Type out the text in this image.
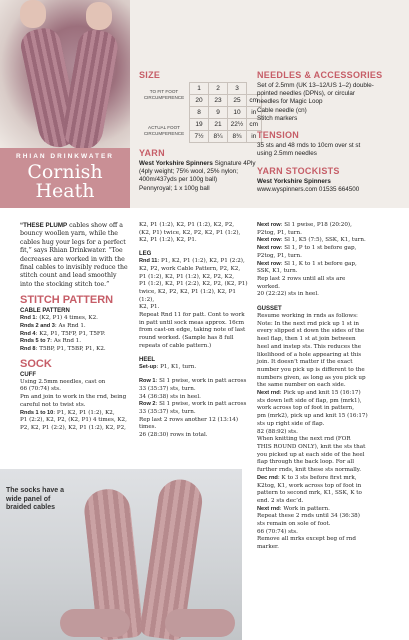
RHIAN DRINKWATER
Cornish
Heath
SIZE
TO FIT FOOT CIRCUMFERENCE	1	2	3	
	20	23	25	cm
	8	9	10	in
ACTUAL FOOT CIRCUMFERENCE	19	21	22½	cm
	7½	8¼	8¾	in
YARN
West Yorkshire Spinners Signature 4Ply
(4ply weight; 75% wool, 25% nylon;
400m/437yds per 100g ball)
Pennyroyal; 1 x 100g ball
NEEDLES & ACCESSORIES
Set of 2.5mm (UK 13–12/US 1–2) double-
pointed needles (DPNs), or circular
needles for Magic Loop
Cable needle (cn)
Stitch markers
TENSION
35 sts and 48 rnds to 10cm over st st
using 2.5mm needles
YARN STOCKISTS
West Yorkshire Spinners
www.wyspinners.com 01535 664500

“THESE PLUMP cables show off a
bouncy woollen yarn, while the
cables hug your legs for a perfect
fit,” says Rhian Drinkwater. “Toe
decreases are worked in with the
final cables to invisibly reduce the
stitch count and lead smoothly
into the stocking stitch toe.”

STITCH PATTERN
CABLE PATTERN

Rnd 1: (K2, P1) 4 times, K2.

Rnds 2 and 3: As Rnd 1.

Rnd 4: K2, P1, T5FP, P1, T5FP.

Rnds 5 to 7: As Rnd 1.

Rnd 8: T5BP, P1, T5BP, P1, K2.

SOCK
CUFF

Using 2.5mm needles, cast on

66 (70:74) sts.

Pm and join to work in the rnd, being

careful not to twist sts.

Rnds 1 to 10: P1, K2, P1 (1:2), K2,

P1 (2:2), K2, P2, (K2, P1) 4 times, K2,

P2, K2, P1 (2:2), K2, P1 (1:2), K2, P2,

K2, P1 (1:2), K2, P1 (1:2), K2, P2,

(K2, P1) twice, K2, P2, K2, P1 (1:2),

K2, P1 (1:2), K2, P1.

LEG

Rnd 11: P1, K2, P1 (1:2), K2, P1 (2:2),

K2, P2, work Cable Pattern, P2, K2,

P1 (1:2), K2, P1 (1:2), K2, P2, K2,

P1 (1:2), K2, P1 (2:2), K2, P2, (K2, P1)

twice, K2, P2, K2, P1 (1:2), K2, P1 (1:2),

K2, P1.

Repeat Rnd 11 for patt. Cont to work

in patt until sock meas approx. 16cm

from cast-on edge, taking note of last

round worked. (Sample has 8 full

repeats of cable pattern.)

HEEL

Set-up: P1, K1, turn.

Row 1: Sl 1 pwise, work in patt across

33 (35:37) sts, turn.

34 (36:38) sts in heel.

Row 2: Sl 1 pwise, work in patt across

33 (35:37) sts, turn.

Rep last 2 rows another 12 (13:14) times.

26 (28:30) rows in total.

Next row: Sl 1 pwise, P18 (20:20),

P2tog, P1, turn.

Next row: Sl 1, K5 (7:5), SSK, K1, turn.

Next row: Sl 1, P to 1 st before gap,

P2tog, P1, turn.

Next row: Sl 1, K to 1 st before gap,

SSK, K1, turn.

Rep last 2 rows until all sts are

worked.

20 (22:22) sts in heel.

GUSSET

Resume working in rnds as follows:

Note: In the next rnd pick up 1 st in

every slipped st down the sides of the

heel flap, then 1 st at join between

heel and instep sts. This reduces the

likelihood of a hole appearing at this

join. It doesn’t matter if the exact

number you pick up is different to the

numbers given, as long as you pick up

the same number on each side.

Next rnd: Pick up and knit 15 (16:17)

sts down left side of flap, pm (mrk1),

work across top of foot in pattern,

pm (mrk2), pick up and knit 15 (16:17)

sts up right side of flap.

82 (88:92) sts.

When knitting the next rnd (FOR

THIS ROUND ONLY), knit the sts that

you picked up at each side of the heel

flap through the back loop. For all

further rnds, knit these sts normally.

Dec rnd: K to 3 sts before first mrk,

K2tog, K1, work across top of foot in

pattern to second mrk, K1, SSK, K to

end. 2 sts dec’d.

Next rnd: Work in pattern.

Repeat these 2 rnds until 34 (36:38)

sts remain on sole of foot.

66 (70:74) sts.

Remove all mrks except beg of rnd

marker.

The socks have a wide panel of braided cables
